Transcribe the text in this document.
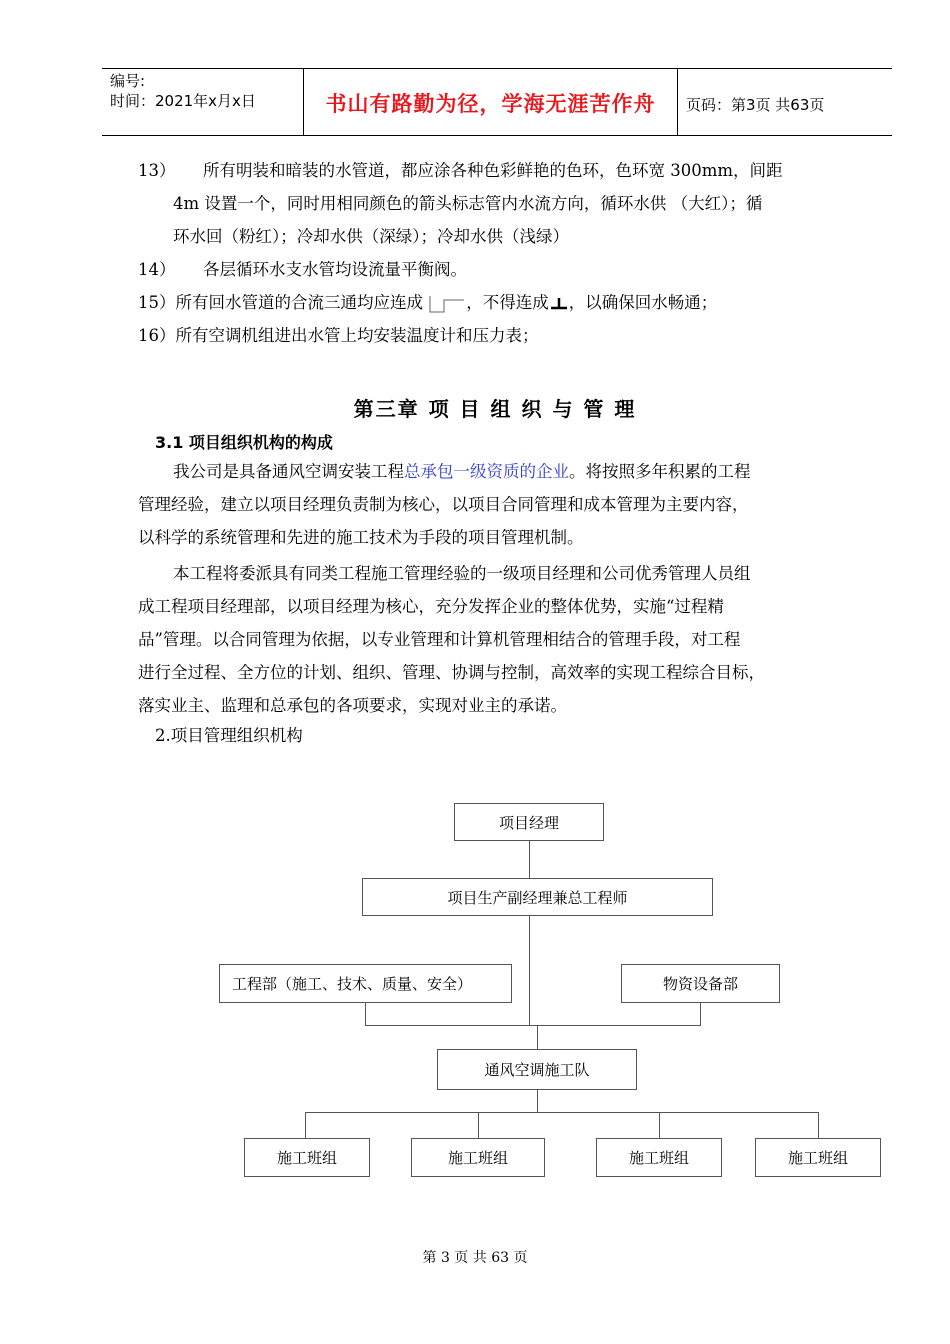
编号:
时间：2021年x月x日	书山有路勤为径，学海无涯苦作舟	页码：第3页 共63页
13） 所有明装和暗装的水管道，都应涂各种色彩鲜艳的色环，色环宽 300mm，间距
4m 设置一个，同时用相同颜色的箭头标志管内水流方向，循环水供 （大红）；循
环水回（粉红）；冷却水供（深绿）；冷却水供（浅绿）
14） 各层循环水支水管均设流量平衡阀。
15）所有回水管道的合流三通均应连成	，不得连成 ，以确保回水畅通；
16）所有空调机组进出水管上均安装温度计和压力表；
第三章 项 目 组 织 与 管 理
3.1 项目组织机构的构成
我公司是具备通风空调安装工程总承包一级资质的企业。将按照多年积累的工程
管理经验，建立以项目经理负责制为核心，以项目合同管理和成本管理为主要内容，
以科学的系统管理和先进的施工技术为手段的项目管理机制。
本工程将委派具有同类工程施工管理经验的一级项目经理和公司优秀管理人员组
成工程项目经理部，以项目经理为核心，充分发挥企业的整体优势，实施“过程精
品”管理。以合同管理为依据，以专业管理和计算机管理相结合的管理手段，对工程
进行全过程、全方位的计划、组织、管理、协调与控制，高效率的实现工程综合目标，
落实业主、监理和总承包的各项要求，实现对业主的承诺。
2.项目管理组织机构
项目经理
项目生产副经理兼总工程师
工程部（施工、技术、质量、安全）	物资设备部
通风空调施工队
施工班组	施工班组	施工班组	施工班组
第 3 页 共 63 页
